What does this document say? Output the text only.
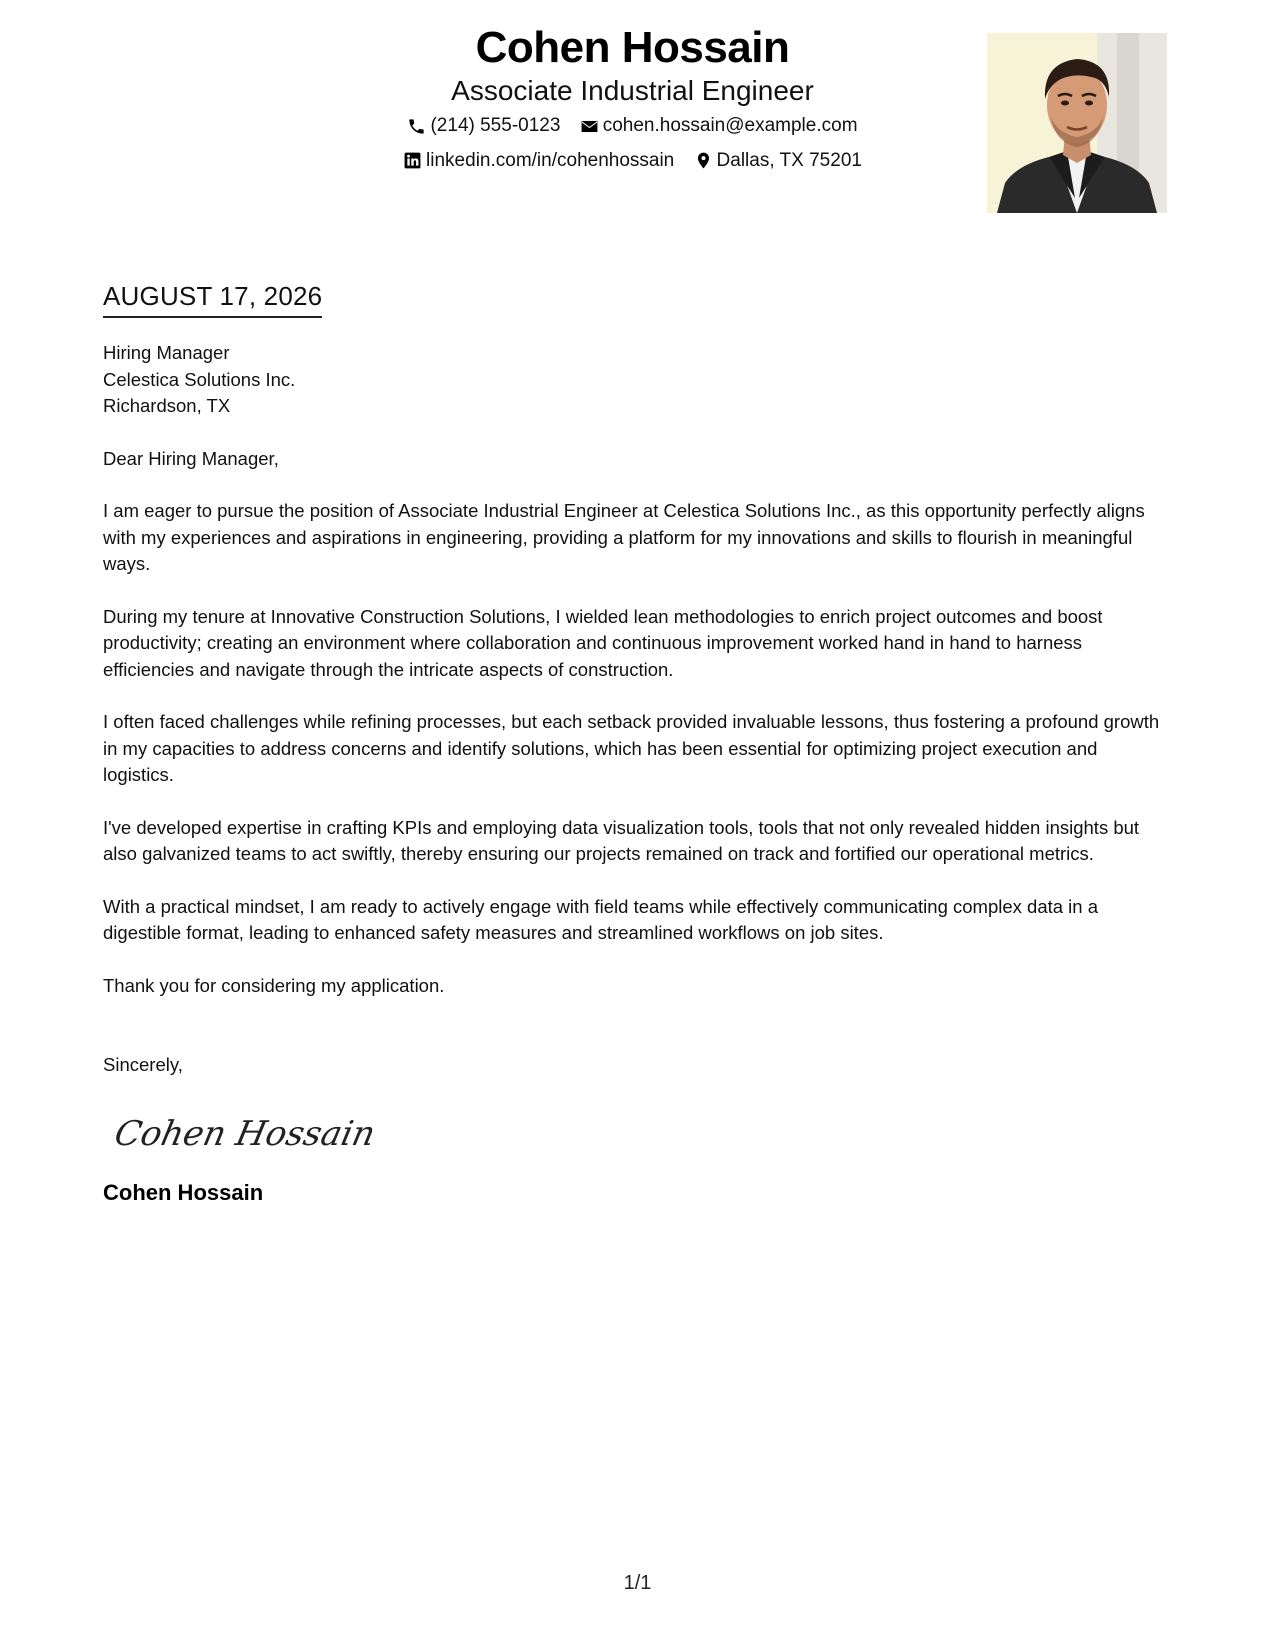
Cohen Hossain
Associate Industrial Engineer
(214) 555-0123
cohen.hossain@example.com
linkedin.com/in/cohenhossain
Dallas, TX 75201
AUGUST 17, 2026
Hiring Manager
Celestica Solutions Inc.
Richardson, TX

Dear Hiring Manager,

I am eager to pursue the position of Associate Industrial Engineer at Celestica Solutions Inc., as this opportunity perfectly aligns with my experiences and aspirations in engineering, providing a platform for my innovations and skills to flourish in meaningful ways.

During my tenure at Innovative Construction Solutions, I wielded lean methodologies to enrich project outcomes and boost productivity; creating an environment where collaboration and continuous improvement worked hand in hand to harness efficiencies and navigate through the intricate aspects of construction.

I often faced challenges while refining processes, but each setback provided invaluable lessons, thus fostering a profound growth in my capacities to address concerns and identify solutions, which has been essential for optimizing project execution and logistics.

I've developed expertise in crafting KPIs and employing data visualization tools, tools that not only revealed hidden insights but also galvanized teams to act swiftly, thereby ensuring our projects remained on track and fortified our operational metrics.

With a practical mindset, I am ready to actively engage with field teams while effectively communicating complex data in a digestible format, leading to enhanced safety measures and streamlined workflows on job sites.

Thank you for considering my application.

Sincerely,
Cohen Hossain
Cohen Hossain
1/1
